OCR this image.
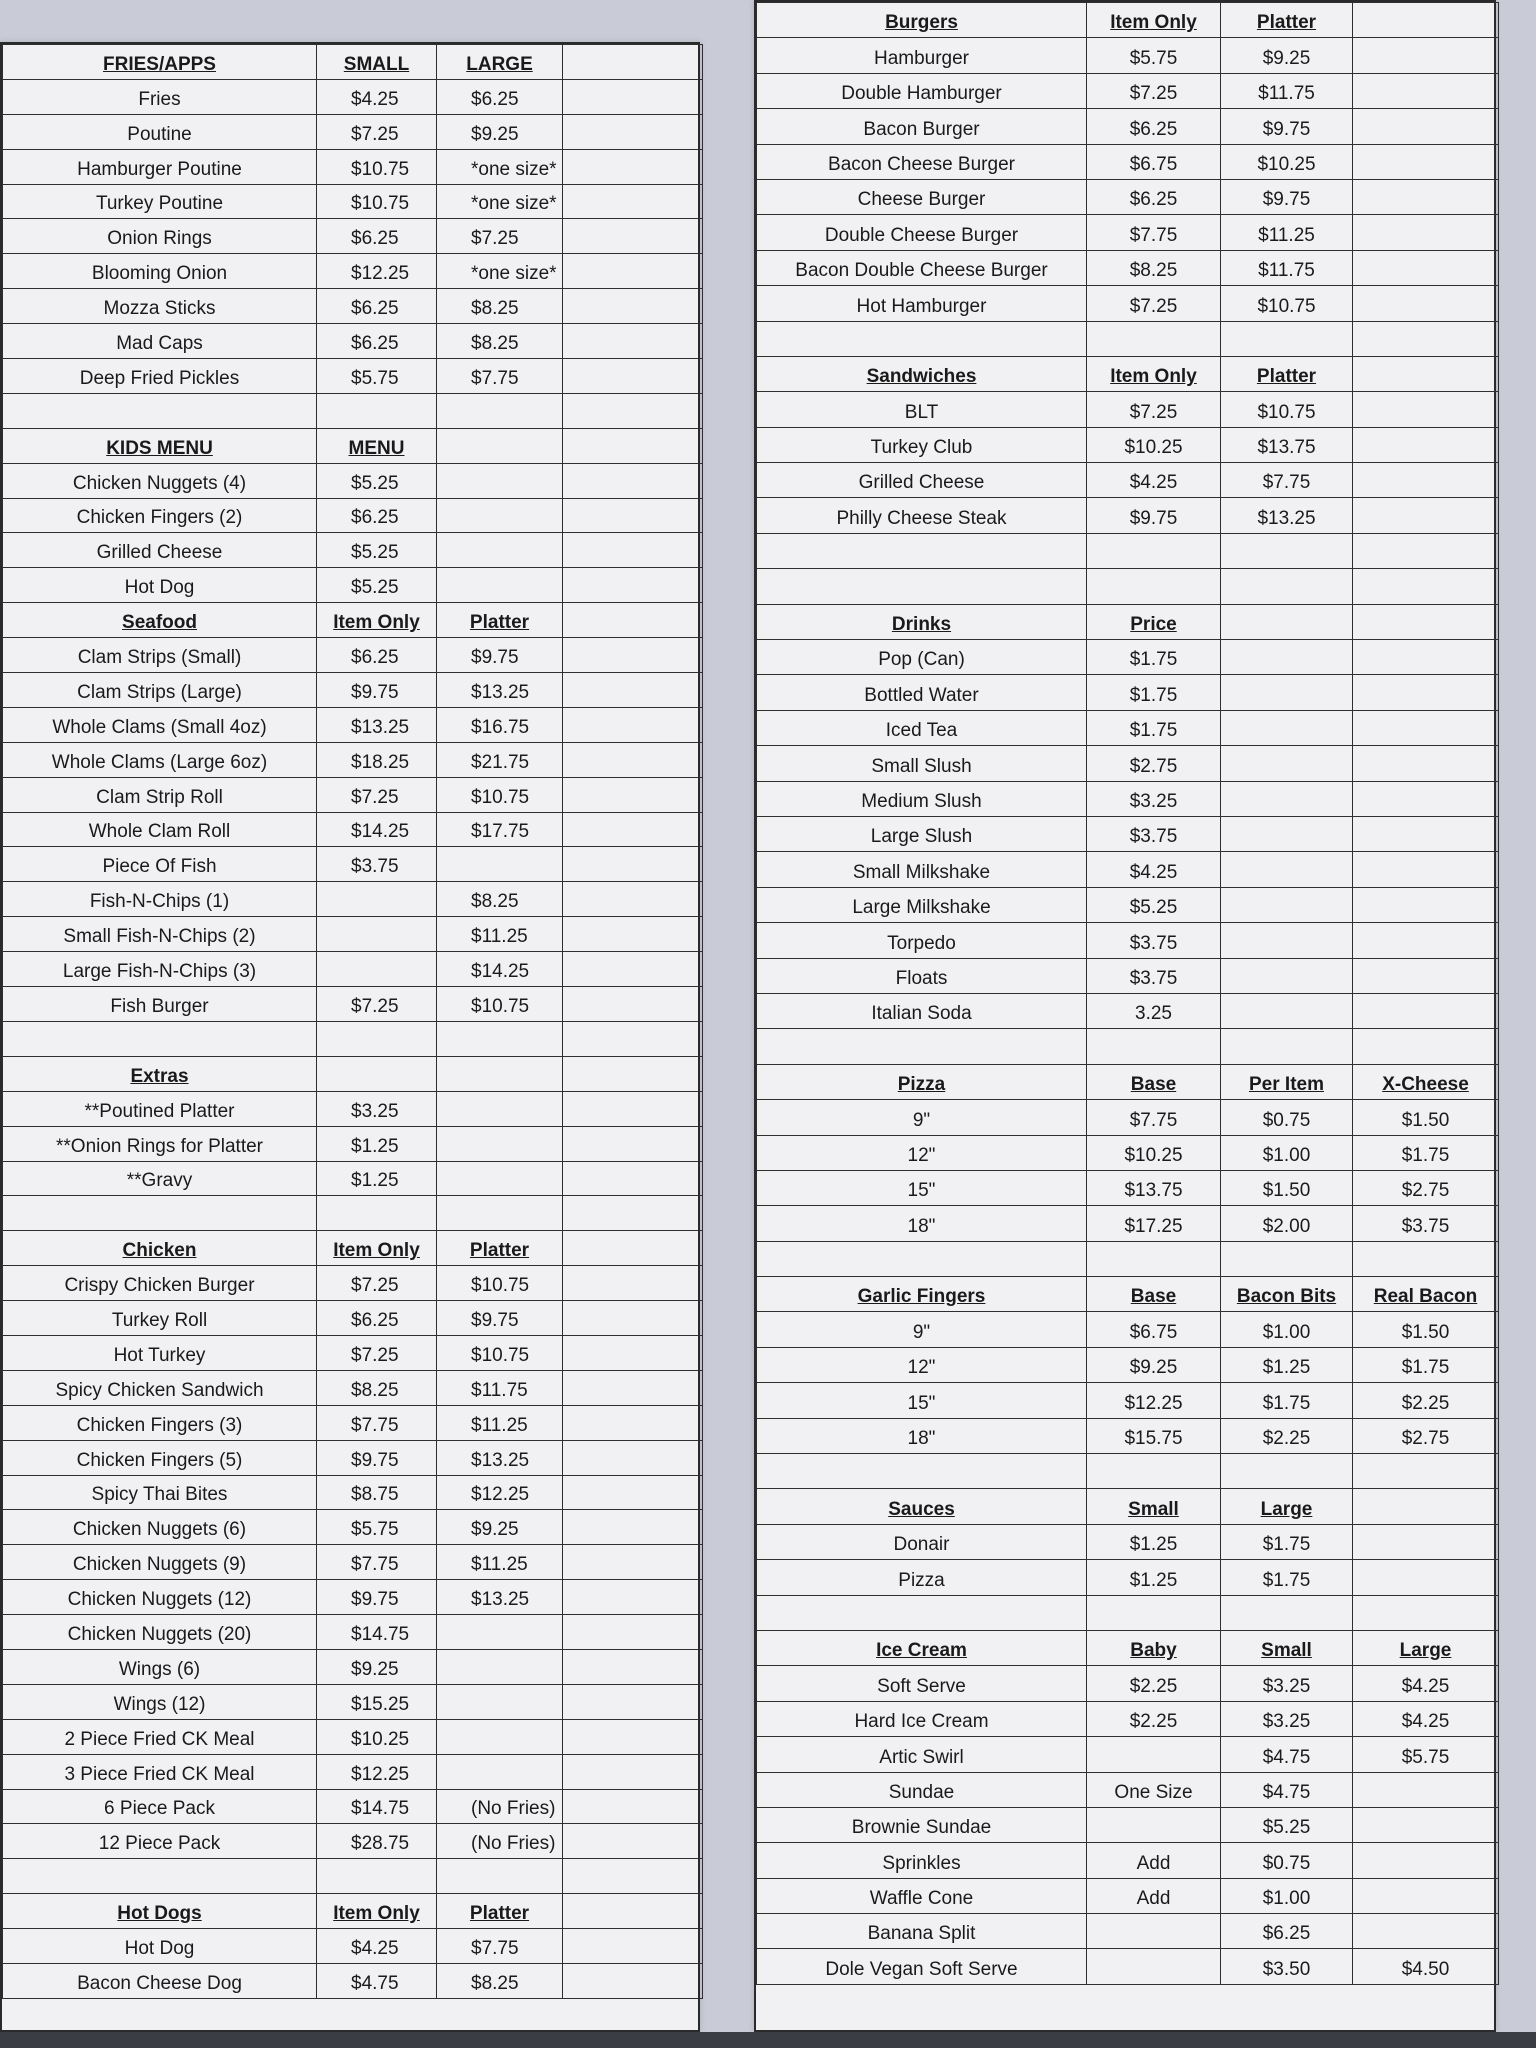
FRIES/APPS	SMALL	LARGE	
Fries	$4.25	$6.25	
Poutine	$7.25	$9.25	
Hamburger Poutine	$10.75	*one size*	
Turkey Poutine	$10.75	*one size*	
Onion Rings	$6.25	$7.25	
Blooming Onion	$12.25	*one size*	
Mozza Sticks	$6.25	$8.25	
Mad Caps	$6.25	$8.25	
Deep Fried Pickles	$5.75	$7.75	

KIDS MENU	MENU		
Chicken Nuggets (4)	$5.25		
Chicken Fingers (2)	$6.25		
Grilled Cheese	$5.25		
Hot Dog	$5.25		
Seafood	Item Only	Platter	
Clam Strips (Small)	$6.25	$9.75	
Clam Strips (Large)	$9.75	$13.25	
Whole Clams (Small 4oz)	$13.25	$16.75	
Whole Clams (Large 6oz)	$18.25	$21.75	
Clam Strip Roll	$7.25	$10.75	
Whole Clam Roll	$14.25	$17.75	
Piece Of Fish	$3.75		
Fish-N-Chips (1)		$8.25	
Small Fish-N-Chips (2)		$11.25	
Large Fish-N-Chips (3)		$14.25	
Fish Burger	$7.25	$10.75	

Extras			
**Poutined Platter	$3.25		
**Onion Rings for Platter	$1.25		
**Gravy	$1.25		

Chicken	Item Only	Platter	
Crispy Chicken Burger	$7.25	$10.75	
Turkey Roll	$6.25	$9.75	
Hot Turkey	$7.25	$10.75	
Spicy Chicken Sandwich	$8.25	$11.75	
Chicken Fingers (3)	$7.75	$11.25	
Chicken Fingers (5)	$9.75	$13.25	
Spicy Thai Bites	$8.75	$12.25	
Chicken Nuggets (6)	$5.75	$9.25	
Chicken Nuggets (9)	$7.75	$11.25	
Chicken Nuggets (12)	$9.75	$13.25	
Chicken Nuggets (20)	$14.75		
Wings (6)	$9.25		
Wings (12)	$15.25		
2 Piece Fried CK Meal	$10.25		
3 Piece Fried CK Meal	$12.25		
6 Piece Pack	$14.75	(No Fries)	
12 Piece Pack	$28.75	(No Fries)	

Hot Dogs	Item Only	Platter	
Hot Dog	$4.25	$7.75	
Bacon Cheese Dog	$4.75	$8.25	
Burgers	Item Only	Platter	
Hamburger	$5.75	$9.25	
Double Hamburger	$7.25	$11.75	
Bacon Burger	$6.25	$9.75	
Bacon Cheese Burger	$6.75	$10.25	
Cheese Burger	$6.25	$9.75	
Double Cheese Burger	$7.75	$11.25	
Bacon Double Cheese Burger	$8.25	$11.75	
Hot Hamburger	$7.25	$10.75	

Sandwiches	Item Only	Platter	
BLT	$7.25	$10.75	
Turkey Club	$10.25	$13.75	
Grilled Cheese	$4.25	$7.75	
Philly Cheese Steak	$9.75	$13.25	

Drinks	Price		
Pop (Can)	$1.75		
Bottled Water	$1.75		
Iced Tea	$1.75		
Small Slush	$2.75		
Medium Slush	$3.25		
Large Slush	$3.75		
Small Milkshake	$4.25		
Large Milkshake	$5.25		
Torpedo	$3.75		
Floats	$3.75		
Italian Soda	3.25		

Pizza	Base	Per Item	X-Cheese
9"	$7.75	$0.75	$1.50
12"	$10.25	$1.00	$1.75
15"	$13.75	$1.50	$2.75
18"	$17.25	$2.00	$3.75

Garlic Fingers	Base	Bacon Bits	Real Bacon
9"	$6.75	$1.00	$1.50
12"	$9.25	$1.25	$1.75
15"	$12.25	$1.75	$2.25
18"	$15.75	$2.25	$2.75

Sauces	Small	Large	
Donair	$1.25	$1.75	
Pizza	$1.25	$1.75	

Ice Cream	Baby	Small	Large
Soft Serve	$2.25	$3.25	$4.25
Hard Ice Cream	$2.25	$3.25	$4.25
Artic Swirl		$4.75	$5.75
Sundae	One Size	$4.75	
Brownie Sundae		$5.25	
Sprinkles	Add	$0.75	
Waffle Cone	Add	$1.00	
Banana Split		$6.25	
Dole Vegan Soft Serve		$3.50	$4.50
